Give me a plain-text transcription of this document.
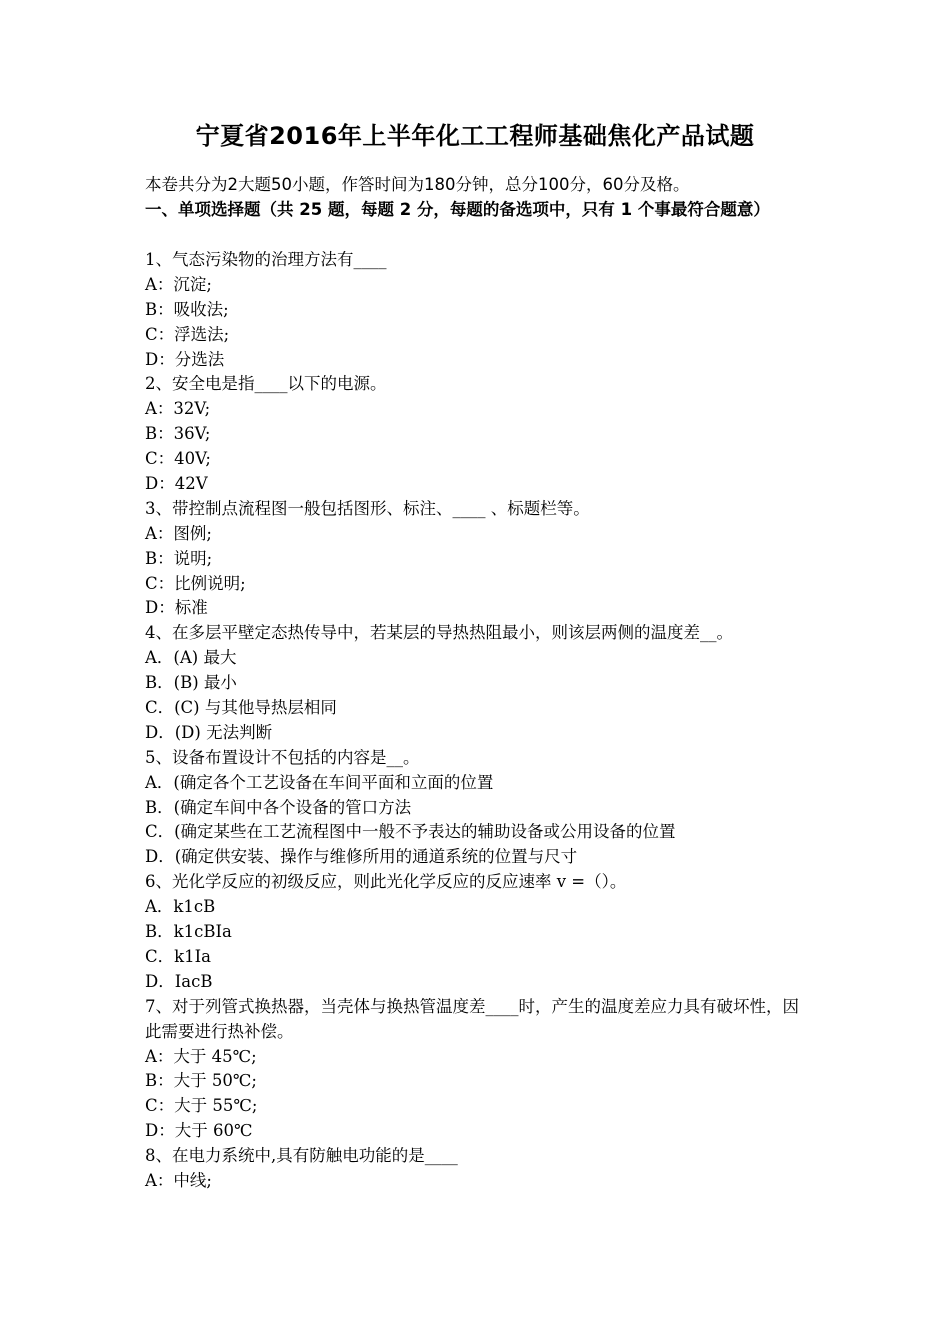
宁夏省2016年上半年化工工程师基础焦化产品试题
本卷共分为2大题50小题，作答时间为180分钟，总分100分，60分及格。
一、单项选择题（共 25 题，每题 2 分，每题的备选项中，只有 1 个事最符合题意）
1、气态污染物的治理方法有____
A：沉淀;
B：吸收法;
C：浮选法;
D：分选法
2、安全电是指____以下的电源。
A：32V;
B：36V;
C：40V;
D：42V
3、带控制点流程图一般包括图形、标注、____ 、标题栏等。
A：图例;
B：说明;
C：比例说明;
D：标准
4、在多层平壁定态热传导中，若某层的导热热阻最小，则该层两侧的温度差__。
A．(A) 最大
B．(B) 最小
C．(C) 与其他导热层相同
D．(D) 无法判断
5、设备布置设计不包括的内容是__。
A．(确定各个工艺设备在车间平面和立面的位置
B．(确定车间中各个设备的管口方法
C．(确定某些在工艺流程图中一般不予表达的辅助设备或公用设备的位置
D．(确定供安装、操作与维修所用的通道系统的位置与尺寸
6、光化学反应的初级反应，则此光化学反应的反应速率 v =（）。
A．k1cB
B．k1cBIa
C．k1Ia
D．IacB
7、对于列管式换热器，当壳体与换热管温度差____时，产生的温度差应力具有破坏性，因此需要进行热补偿。
A：大于 45℃;
B：大于 50℃;
C：大于 55℃;
D：大于 60℃
8、在电力系统中,具有防触电功能的是____
A：中线;
